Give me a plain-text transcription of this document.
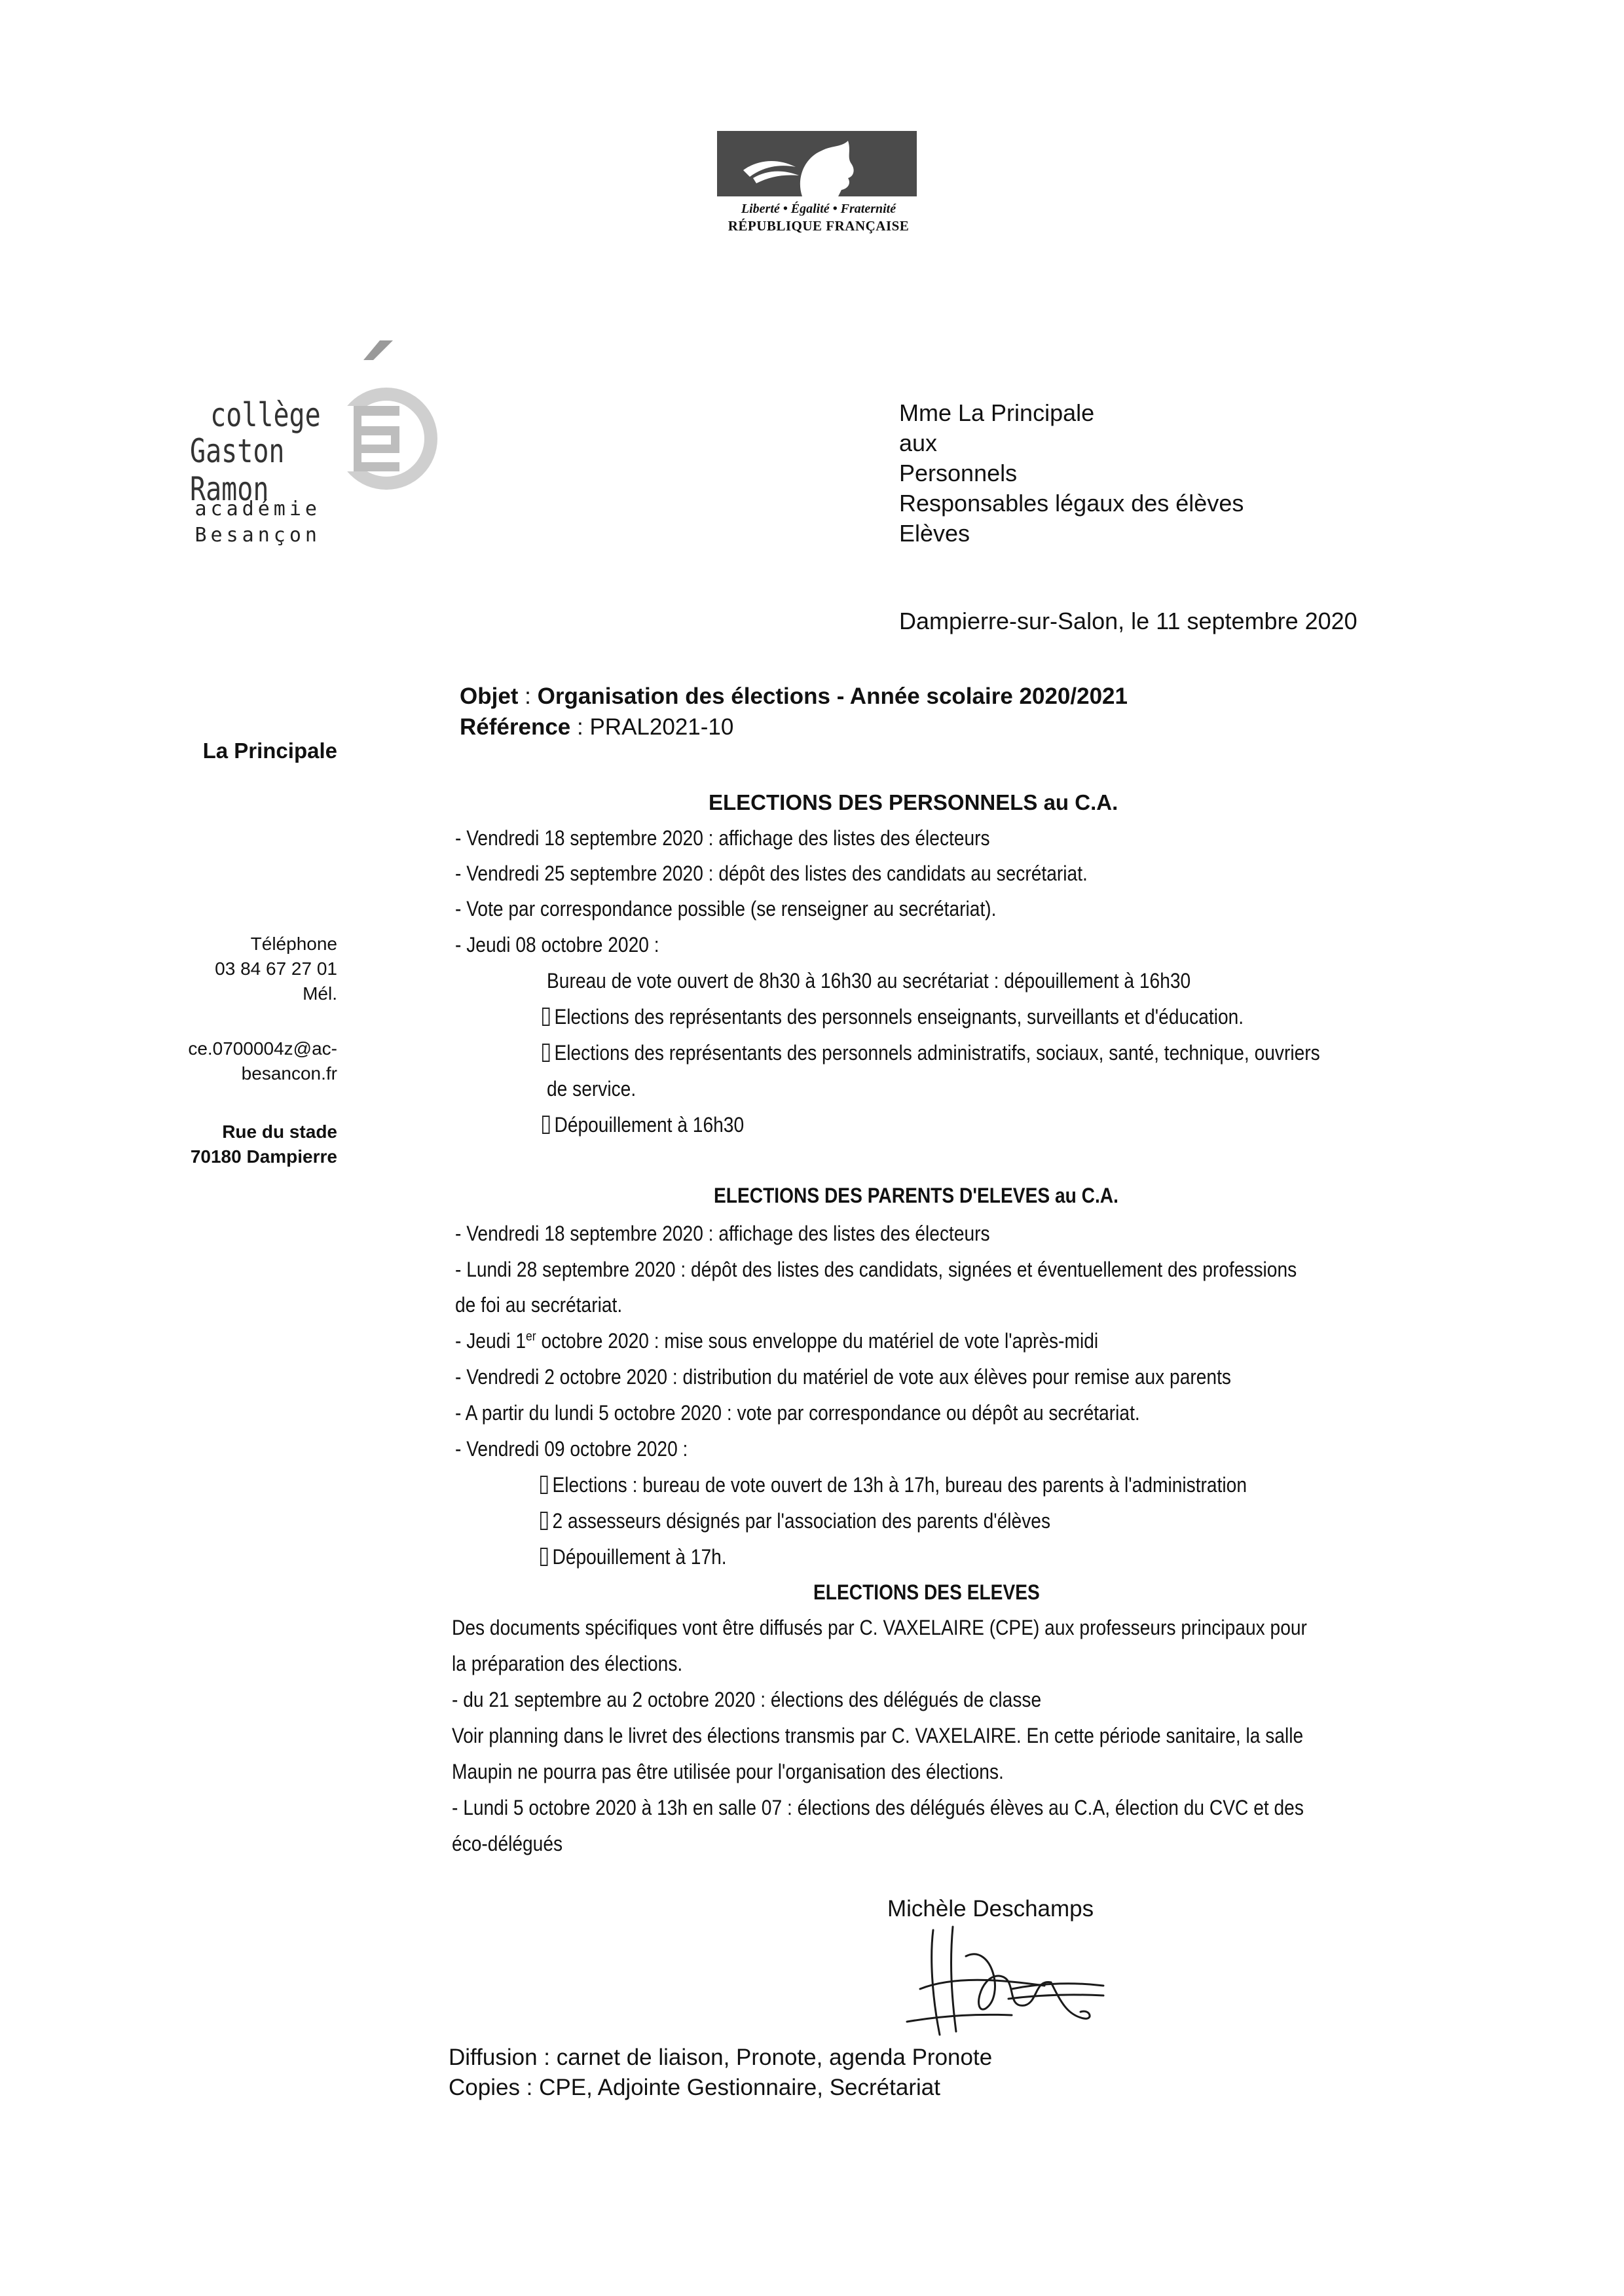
Liberté • Égalité • Fraternité
RÉPUBLIQUE FRANÇAISE
collège
Gaston Ramon
académie
Besançon
Mme La Principale
aux
Personnels
Responsables légaux des élèves
Elèves
Dampierre-sur-Salon, le 11 septembre 2020
La Principale
Téléphone
03 84 67 27 01
Mél.
ce.0700004z@ac-
besancon.fr
Rue du stade
70180 Dampierre
Objet : Organisation des élections - Année scolaire 2020/2021
Référence : PRAL2021-10
ELECTIONS DES PERSONNELS au C.A.
- Vendredi 18 septembre 2020 : affichage des listes des électeurs
- Vendredi 25 septembre 2020 : dépôt des listes des candidats au secrétariat.
- Vote par correspondance possible (se renseigner au secrétariat).
- Jeudi 08 octobre 2020 :
Bureau de vote ouvert de 8h30 à 16h30 au secrétariat : dépouillement à 16h30
Elections des représentants des personnels enseignants, surveillants et d'éducation.
Elections des représentants des personnels administratifs, sociaux, santé, technique, ouvriers
de service.
Dépouillement à 16h30
ELECTIONS DES PARENTS D'ELEVES au C.A.
- Vendredi 18 septembre 2020 : affichage des listes des électeurs
- Lundi 28 septembre 2020 : dépôt des listes des candidats, signées et éventuellement des professions
de foi au secrétariat.
- Jeudi 1er octobre 2020 : mise sous enveloppe du matériel de vote l'après-midi
- Vendredi 2 octobre 2020 : distribution du matériel de vote aux élèves pour remise aux parents
- A partir du lundi 5 octobre 2020 : vote par correspondance ou dépôt au secrétariat.
- Vendredi 09 octobre 2020 :
Elections : bureau de vote ouvert de 13h à 17h, bureau des parents à l'administration
2 assesseurs désignés par l'association des parents d'élèves
Dépouillement à 17h.
ELECTIONS DES ELEVES
Des documents spécifiques vont être diffusés par C. VAXELAIRE (CPE) aux professeurs principaux pour
la préparation des élections.
- du 21 septembre au 2 octobre 2020 : élections des délégués de classe
Voir planning dans le livret des élections transmis par C. VAXELAIRE. En cette période sanitaire, la salle
Maupin ne pourra pas être utilisée pour l'organisation des élections.
- Lundi 5 octobre 2020 à 13h en salle 07 : élections des délégués élèves au C.A, élection du CVC et des
éco-délégués
Michèle Deschamps
Diffusion : carnet de liaison, Pronote, agenda Pronote
Copies : CPE, Adjointe Gestionnaire, Secrétariat
